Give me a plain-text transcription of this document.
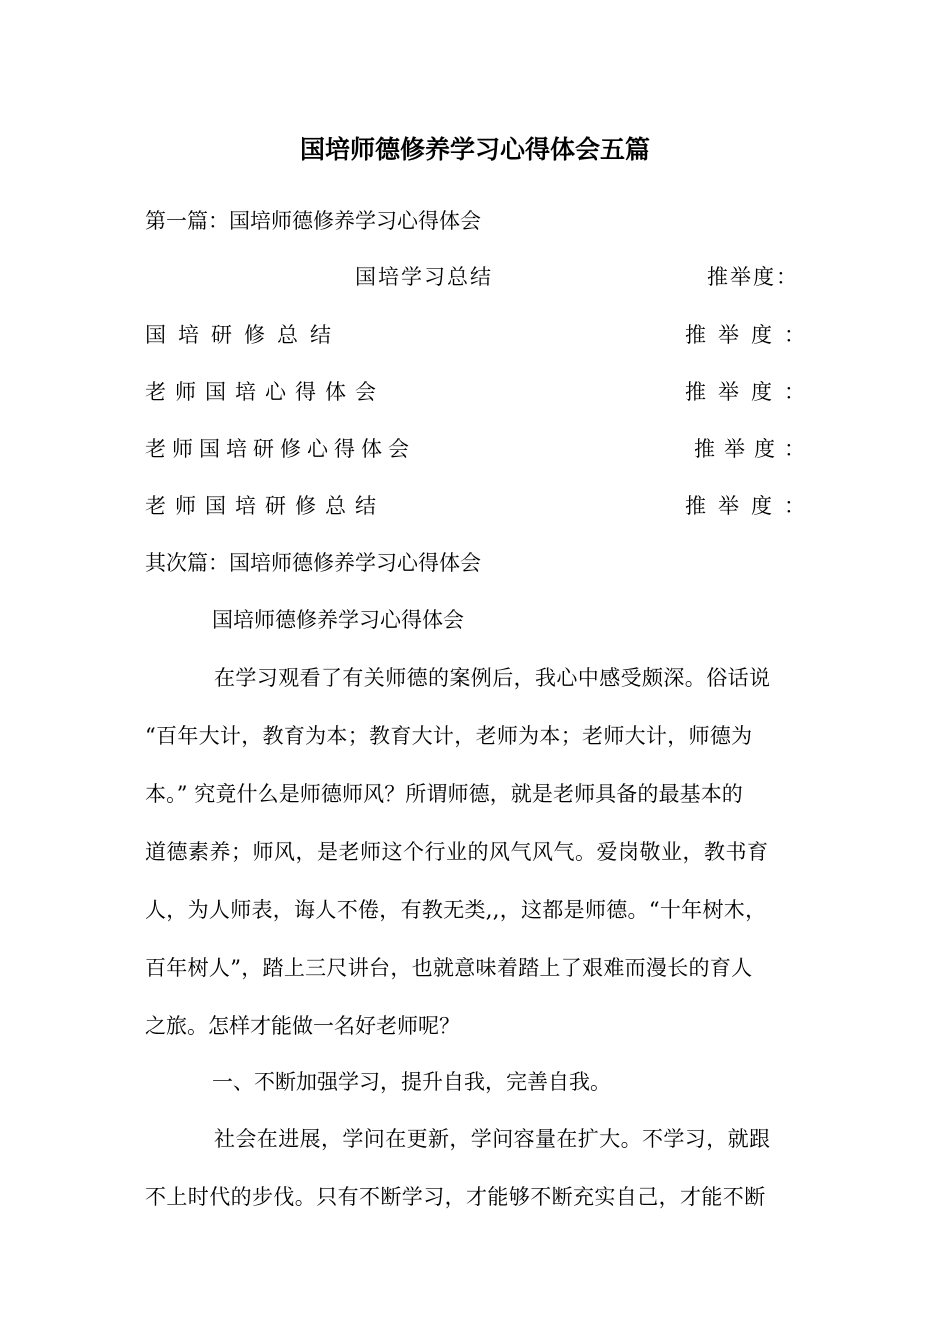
国培师德修养学习心得体会五篇
第一篇：国培师德修养学习心得体会
国培学习总结	推举度：
国培研修总结	推举度：
老师国培心得体会	推举度：
老师国培研修心得体会	推举度：
老师国培研修总结	推举度：
其次篇：国培师德修养学习心得体会
国培师德修养学习心得体会
在学习观看了有关师德的案例后，我心中感受颇深。俗话说
“百年大计，教育为本；教育大计，老师为本；老师大计，师德为
本。” 究竟什么是师德师风？所谓师德，就是老师具备的最基本的
道德素养；师风，是老师这个行业的风气风气。爱岗敬业，教书育
人，为人师表，诲人不倦，有教无类,,，这都是师德。“十年树木，
百年树人”，踏上三尺讲台，也就意味着踏上了艰难而漫长的育人
之旅。怎样才能做一名好老师呢？
一、不断加强学习，提升自我，完善自我。
社会在进展，学问在更新，学问容量在扩大。不学习，就跟
不上时代的步伐。只有不断学习，才能够不断充实自己，才能不断
